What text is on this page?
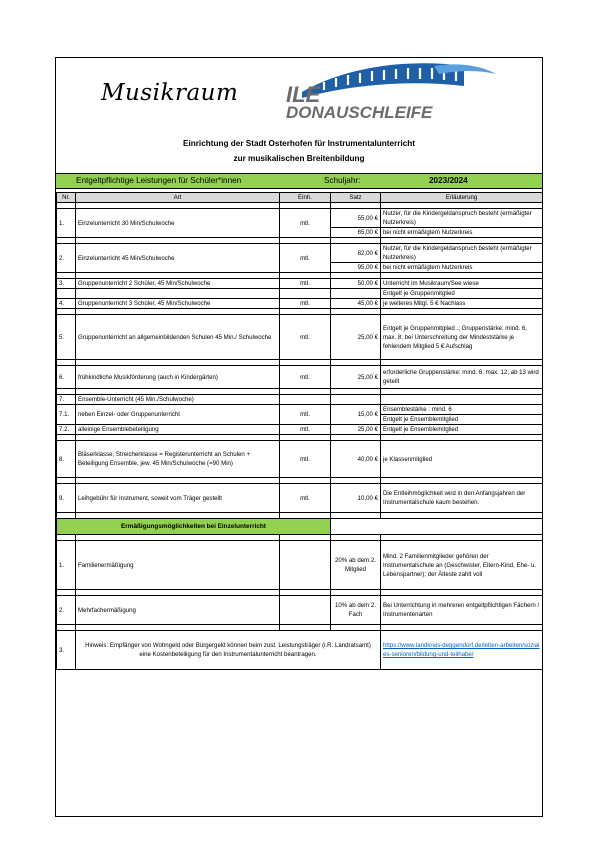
Musikraum ILE
DONAUSCHLEIFE
Einrichtung der Stadt Osterhofen für Instrumentalunterricht
zur musikalischen Breitenbildung
Entgeltpflichtige Leistungen für Schüler*innen	Schuljahr:	2023/2024
Nr.	Art	Einh.	Satz	Erläuterung

1.	Einzelunterricht 30 Min/Schulwoche	mtl.	55,00 €	Nutzer, für die Kindergeldanspruch besteht (ermäßigter Nutzerkreis)
			65,00 €	bei nicht ermäßigtem Nutzerkreis

2.	Einzelunterricht 45 Min/Schulwoche	mtl.	82,00 €	Nutzer, für die Kindergeldanspruch besteht (ermäßigter Nutzerkreis)
			95,00 €	bei nicht ermäßigtem Nutzerkreis

3.	Gruppenunterricht 2 Schüler, 45 Min/Schulwoche	mtl.	50,00 €	Unterricht im Musikraum/See wiese
				Entgelt je Gruppenmitglied
4.	Gruppenunterricht 3 Schüler, 45 Min/Schulwoche	mtl.	45,00 €	je weiteres Mitgl. 5 € Nachlass

5.	Gruppenunterricht an allgemeinbildenden Schulen 45 Min./ Schulwoche	mtl.	25,00 €	Entgelt je Gruppenmitglied .; Gruppenstärke: mind. 6, max. 8; bei Unterschreitung der Mindeststärke je fehlendem Mitglied 5 € Aufschlag

6.	frühkindliche Musikförderung (auch in Kindergärten)	mtl.	25,00 €	erforderliche Gruppenstärke: mind. 6, max. 12; ab 13 wird geteilt

7.	Ensemble-Unterricht (45 Min./Schulwoche)			
7.1.	neben Einzel- oder Gruppenunterricht	mtl.	15,00 €	Ensemblestärke : mind. 6
				Entgelt je Ensemblemitglied
7.2.	alleinige Ensemblebeteiligung	mtl.	25,00 €	Entgelt je Ensemblemitglied

8.	Bläserklasse, Streicherklasse = Registerunterricht an Schulen + Beteiligung Ensemble, jew. 45 Min/Schulwoche (=90 Min)	mtl.	40,00 €	je Klassenmitglied

9.	Leihgebühr für Instrument, soweit vom Träger gestellt	mtl.	10,00 €	Die Entleihmöglichkeit wird in den Anfangsjahren der Instrumentalschule kaum bestehen.

Ermäßigungsmöglichkeiten bei Einzelunterricht				

1.	Familienermäßigung		20% ab dem 2. Mitglied	Mind. 2 Familienmitglieder gehören der Instrumentalschule an (Geschwister, Eltern-Kind, Ehe- u. Lebenspartner); der Älteste zahlt voll

2.	Mehrfachermäßigung		10% ab dem 2. Fach	Bei Unterrichtung in mehreren entgeltpflichtigen Fächern / Instrumentenarten

3.	Hinweis: Empfänger von Wohngeld oder Bürgergeld können beim zust. Leistungsträger (i.R. Landratsamt) eine Kostenbeteiligung für den Instrumentalunterricht beantragen.			https://www.landkreis-deggendorf.de/leben-arbeiten/soziales-senioren/bildung-und-teilhabe/
